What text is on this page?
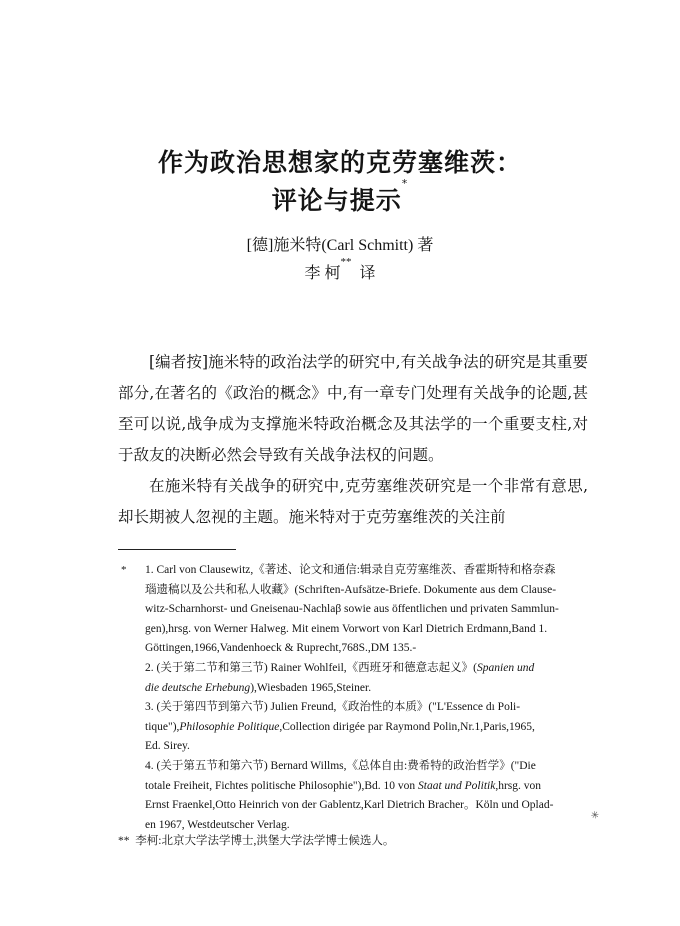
作为政治思想家的克劳塞维茨：
评论与提示*
[德]施米特(Carl Schmitt) 著
李 柯**  译

[编者按]施米特的政治法学的研究中,有关战争法的研究是其重要部分,在著名的《政治的概念》中,有一章专门处理有关战争的论题,甚至可以说,战争成为支撑施米特政治概念及其法学的一个重要支柱,对于敌友的决断必然会导致有关战争法权的问题。

在施米特有关战争的研究中,克劳塞维茨研究是一个非常有意思,却长期被人忽视的主题。施米特对于克劳塞维茨的关注前

* 1. Carl von Clausewitz,《著述、论文和通信:辑录自克劳塞维茨、香霍斯特和格奈森
瑙遗稿以及公共和私人收藏》(Schriften-Aufsätze-Briefe. Dokumente aus dem Clause-
witz-Scharnhorst- und Gneisenau-Nachlaβ sowie aus öffentlichen und privaten Sammlun-
gen),hrsg. von Werner Halweg. Mit einem Vorwort von Karl Dietrich Erdmann,Band 1.
Göttingen,1966,Vandenhoeck & Ruprecht,768S.,DM 135.-
2. (关于第二节和第三节) Rainer Wohlfeil,《西班牙和德意志起义》(Spanien und
die deutsche Erhebung),Wiesbaden 1965,Steiner.
3. (关于第四节到第六节) Julien Freund,《政治性的本质》("L'Essence dı Poli-
tique"),Philosophie Politique,Collection dirigée par Raymond Polin,Nr.1,Paris,1965,
Ed. Sirey.
4. (关于第五节和第六节) Bernard Willms,《总体自由:费希特的政治哲学》("Die
totale Freiheit, Fichtes politische Philosophie"),Bd. 10 von Staat und Politik,hrsg. von
Ernst Fraenkel,Otto Heinrich von der Gablentz,Karl Dietrich Bracher。Köln und Oplad-
en 1967, Westdeutscher Verlag.
** 李柯:北京大学法学博士,洪堡大学法学博士候选人。
✳
